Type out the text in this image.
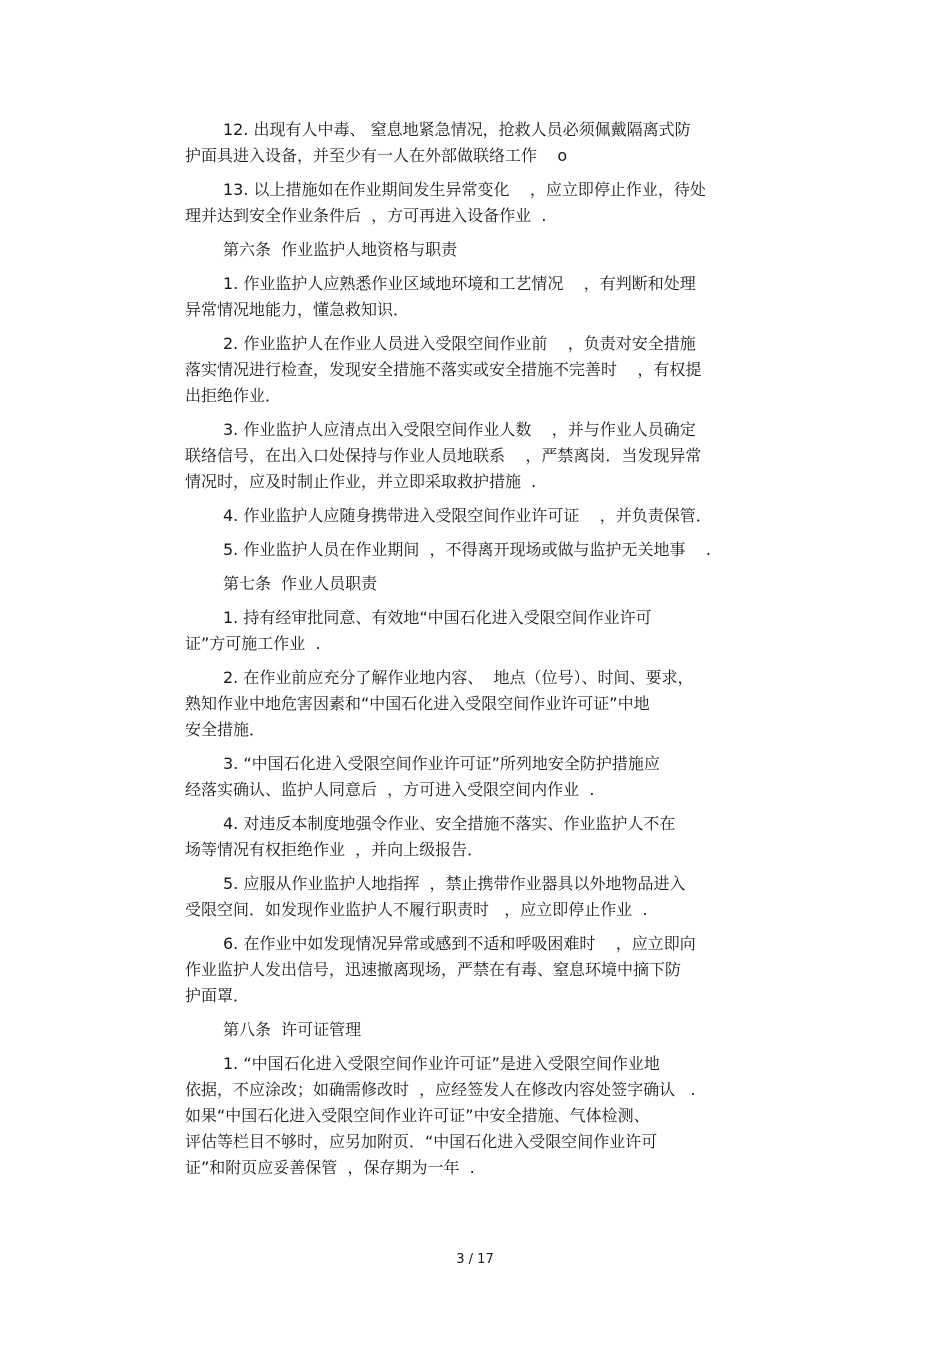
12. 出现有人中毒、 窒息地紧急情况，抢救人员必须佩戴隔离式防
护面具进入设备，并至少有一人在外部做联络工作    o
13. 以上措施如在作业期间发生异常变化    ，应立即停止作业，待处
理并达到安全作业条件后  ，方可再进入设备作业  .
第六条  作业监护人地资格与职责
1. 作业监护人应熟悉作业区域地环境和工艺情况    ，有判断和处理
异常情况地能力，懂急救知识．
2. 作业监护人在作业人员进入受限空间作业前    ，负责对安全措施
落实情况进行检查，发现安全措施不落实或安全措施不完善时    ，有权提
出拒绝作业．
3. 作业监护人应清点出入受限空间作业人数    ，并与作业人员确定
联络信号，在出入口处保持与作业人员地联系    ，严禁离岗．当发现异常
情况时，应及时制止作业，并立即采取救护措施  .
4. 作业监护人应随身携带进入受限空间作业许可证    ，并负责保管．
5. 作业监护人员在作业期间  ，不得离开现场或做与监护无关地事    .
第七条  作业人员职责
1. 持有经审批同意、有效地“中国石化进入受限空间作业许可
证”方可施工作业  .
2. 在作业前应充分了解作业地内容、  地点（位号）、时间、要求，
熟知作业中地危害因素和“中国石化进入受限空间作业许可证”中地
安全措施．
3. “中国石化进入受限空间作业许可证”所列地安全防护措施应
经落实确认、监护人同意后  ，方可进入受限空间内作业  .
4. 对违反本制度地强令作业、安全措施不落实、作业监护人不在
场等情况有权拒绝作业  ，并向上级报告．
5. 应服从作业监护人地指挥  ，禁止携带作业器具以外地物品进入
受限空间．如发现作业监护人不履行职责时   ，应立即停止作业  .
6. 在作业中如发现情况异常或感到不适和呼吸困难时    ，应立即向
作业监护人发出信号，迅速撤离现场，严禁在有毒、窒息环境中摘下防
护面罩．
第八条  许可证管理
1. “中国石化进入受限空间作业许可证”是进入受限空间作业地
依据，不应涂改；如确需修改时  ，应经签发人在修改内容处签字确认   .
如果“中国石化进入受限空间作业许可证”中安全措施、气体检测、
评估等栏目不够时，应另加附页．“中国石化进入受限空间作业许可
证”和附页应妥善保管  ，保存期为一年  .
3 / 17
